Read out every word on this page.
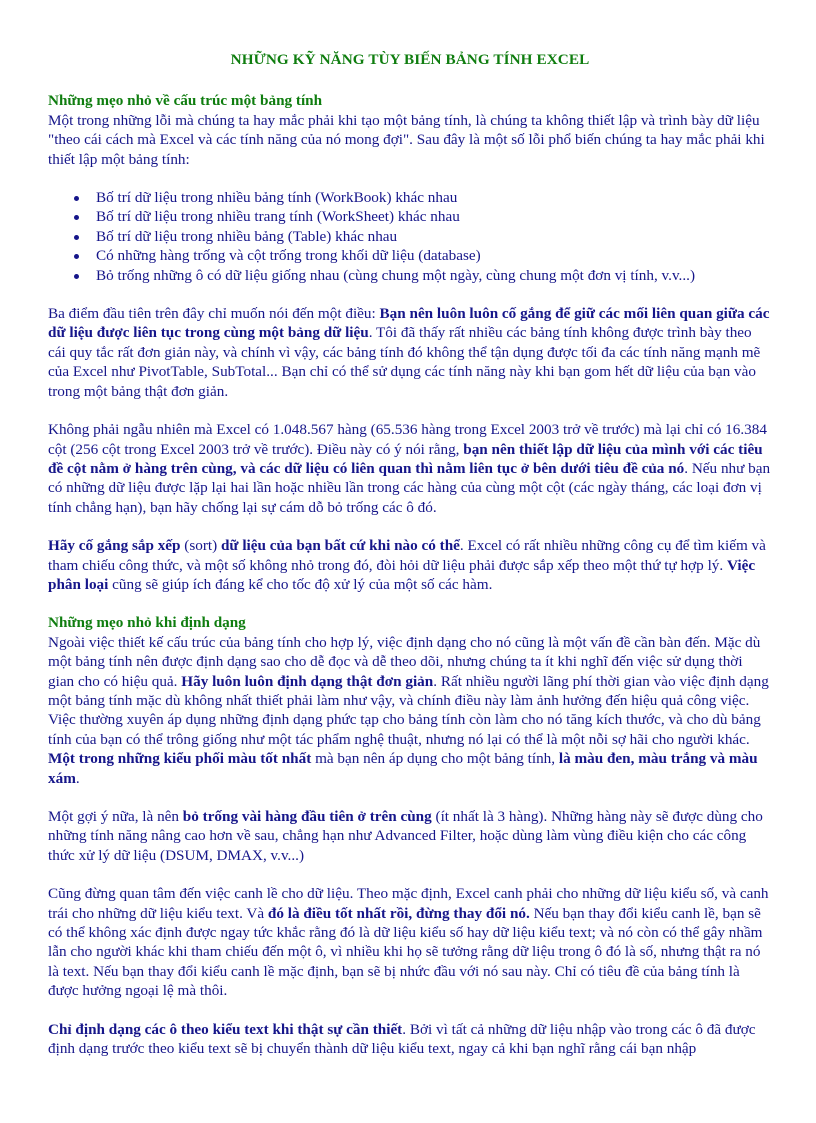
NHỮNG KỸ NĂNG TÙY BIẾN BẢNG TÍNH EXCEL
Những mẹo nhỏ về cấu trúc một bảng tính

Một trong những lỗi mà chúng ta hay mắc phải khi tạo một bảng tính, là chúng ta không thiết lập và trình bày dữ liệu "theo cái cách mà Excel và các tính năng của nó mong đợi". Sau đây là một số lỗi phổ biến chúng ta hay mắc phải khi thiết lập một bảng tính:

Bố trí dữ liệu trong nhiều bảng tính (WorkBook) khác nhau
Bố trí dữ liệu trong nhiều trang tính (WorkSheet) khác nhau
Bố trí dữ liệu trong nhiều bảng (Table) khác nhau
Có những hàng trống và cột trống trong khối dữ liệu (database)
Bỏ trống những ô có dữ liệu giống nhau (cùng chung một ngày, cùng chung một đơn vị tính, v.v...)

Ba điểm đầu tiên trên đây chỉ muốn nói đến một điều: Bạn nên luôn luôn cố gắng để giữ các mối liên quan giữa các dữ liệu được liên tục trong cùng một bảng dữ liệu. Tôi đã thấy rất nhiều các bảng tính không được trình bày theo cái quy tắc rất đơn giản này, và chính vì vậy, các bảng tính đó không thể tận dụng được tối đa các tính năng mạnh mẽ của Excel như PivotTable, SubTotal... Bạn chỉ có thể sử dụng các tính năng này khi bạn gom hết dữ liệu của bạn vào trong một bảng thật đơn giản.

Không phải ngẫu nhiên mà Excel có 1.048.567 hàng (65.536 hàng trong Excel 2003 trở về trước) mà lại chỉ có 16.384 cột (256 cột trong Excel 2003 trở về trước). Điều này có ý nói rằng, bạn nên thiết lập dữ liệu của mình với các tiêu đề cột nằm ở hàng trên cùng, và các dữ liệu có liên quan thì nằm liên tục ở bên dưới tiêu đề của nó. Nếu như bạn có những dữ liệu được lặp lại hai lần hoặc nhiều lần trong các hàng của cùng một cột (các ngày tháng, các loại đơn vị tính chẳng hạn), bạn hãy chống lại sự cám dỗ bỏ trống các ô đó.

Hãy cố gắng sắp xếp (sort) dữ liệu của bạn bất cứ khi nào có thể. Excel có rất nhiều những công cụ để tìm kiếm và tham chiếu công thức, và một số không nhỏ trong đó, đòi hỏi dữ liệu phải được sắp xếp theo một thứ tự hợp lý. Việc phân loại cũng sẽ giúp ích đáng kể cho tốc độ xử lý của một số các hàm.

Những mẹo nhỏ khi định dạng

Ngoài việc thiết kế cấu trúc của bảng tính cho hợp lý, việc định dạng cho nó cũng là một vấn đề cần bàn đến. Mặc dù một bảng tính nên được định dạng sao cho dễ đọc và dễ theo dõi, nhưng chúng ta ít khi nghĩ đến việc sử dụng thời gian cho có hiệu quả. Hãy luôn luôn định dạng thật đơn giản. Rất nhiều người lãng phí thời gian vào việc định dạng một bảng tính mặc dù không nhất thiết phải làm như vậy, và chính điều này làm ảnh hưởng đến hiệu quả công việc. Việc thường xuyên áp dụng những định dạng phức tạp cho bảng tính còn làm cho nó tăng kích thước, và cho dù bảng tính của bạn có thể trông giống như một tác phẩm nghệ thuật, nhưng nó lại có thể là một nỗi sợ hãi cho người khác. Một trong những kiểu phối màu tốt nhất mà bạn nên áp dụng cho một bảng tính, là màu đen, màu trắng và màu xám.

Một gợi ý nữa, là nên bỏ trống vài hàng đầu tiên ở trên cùng (ít nhất là 3 hàng). Những hàng này sẽ được dùng cho những tính năng nâng cao hơn về sau, chẳng hạn như Advanced Filter, hoặc dùng làm vùng điều kiện cho các công thức xử lý dữ liệu (DSUM, DMAX, v.v...)

Cũng đừng quan tâm đến việc canh lề cho dữ liệu. Theo mặc định, Excel canh phải cho những dữ liệu kiểu số, và canh trái cho những dữ liệu kiểu text. Và đó là điều tốt nhất rồi, đừng thay đổi nó. Nếu bạn thay đổi kiểu canh lề, bạn sẽ có thể không xác định được ngay tức khắc rằng đó là dữ liệu kiểu số hay dữ liệu kiểu text; và nó còn có thể gây nhầm lẫn cho người khác khi tham chiếu đến một ô, vì nhiều khi họ sẽ tưởng rằng dữ liệu trong ô đó là số, nhưng thật ra nó là text. Nếu bạn thay đổi kiểu canh lề mặc định, bạn sẽ bị nhức đầu với nó sau này. Chỉ có tiêu đề của bảng tính là được hưởng ngoại lệ mà thôi.

Chỉ định dạng các ô theo kiểu text khi thật sự cần thiết. Bởi vì tất cả những dữ liệu nhập vào trong các ô đã được định dạng trước theo kiểu text sẽ bị chuyển thành dữ liệu kiểu text, ngay cả khi bạn nghĩ rằng cái bạn nhập
